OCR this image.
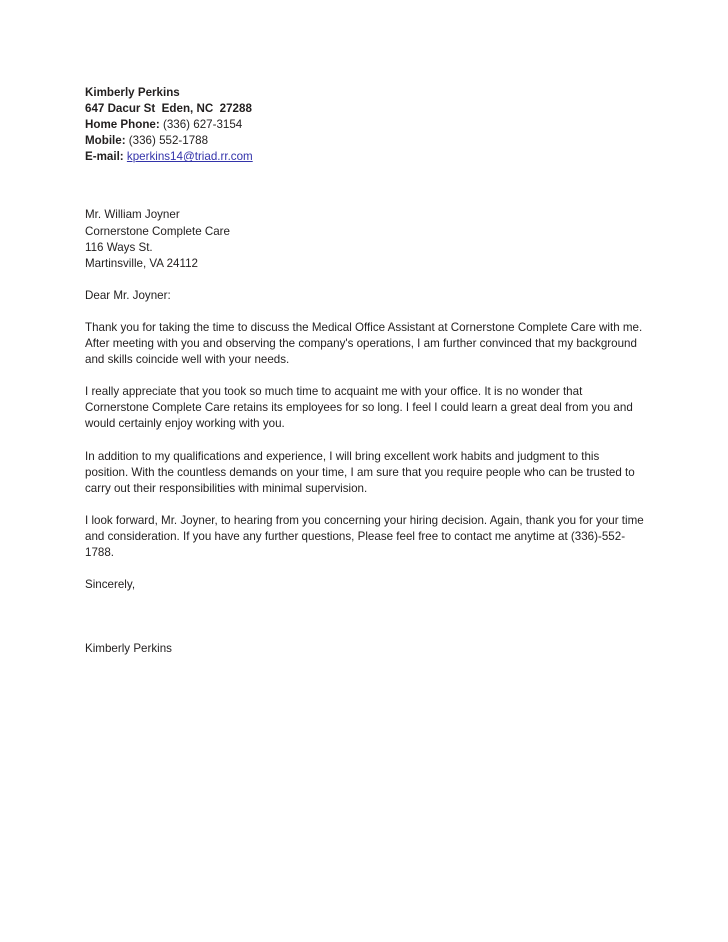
Kimberly Perkins
647 Dacur St  Eden, NC  27288
Home Phone: (336) 627-3154
Mobile: (336) 552-1788
E-mail: kperkins14@triad.rr.com
Mr. William Joyner
Cornerstone Complete Care
116 Ways St.
Martinsville, VA 24112
Dear Mr. Joyner:
Thank you for taking the time to discuss the Medical Office Assistant at Cornerstone Complete Care with me. After meeting with you and observing the company's operations, I am further convinced that my background and skills coincide well with your needs.
I really appreciate that you took so much time to acquaint me with your office. It is no wonder that Cornerstone Complete Care retains its employees for so long. I feel I could learn a great deal from you and would certainly enjoy working with you.
In addition to my qualifications and experience, I will bring excellent work habits and judgment to this position. With the countless demands on your time, I am sure that you require people who can be trusted to carry out their responsibilities with minimal supervision.
I look forward, Mr. Joyner, to hearing from you concerning your hiring decision. Again, thank you for your time and consideration. If you have any further questions, Please feel free to contact me anytime at (336)-552-1788.
Sincerely,
Kimberly Perkins
